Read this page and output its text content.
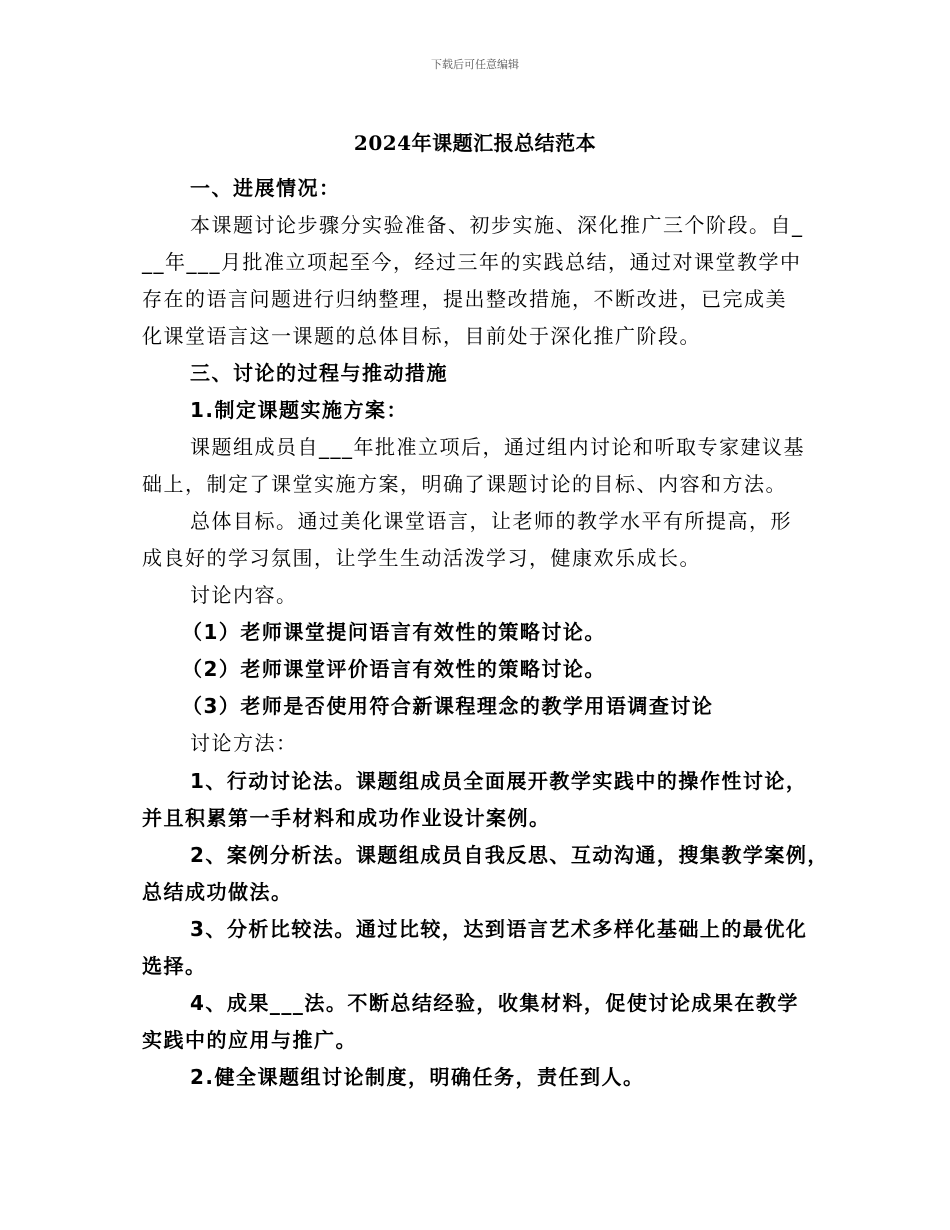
下载后可任意编辑
2024年课题汇报总结范本
一、进展情况：
本课题讨论步骤分实验准备、初步实施、深化推广三个阶段。自_
__年___月批准立项起至今，经过三年的实践总结，通过对课堂教学中
存在的语言问题进行归纳整理，提出整改措施，不断改进，已完成美
化课堂语言这一课题的总体目标，目前处于深化推广阶段。
三、讨论的过程与推动措施
1.制定课题实施方案：
课题组成员自___年批准立项后，通过组内讨论和听取专家建议基
础上，制定了课堂实施方案，明确了课题讨论的目标、内容和方法。
总体目标。通过美化课堂语言，让老师的教学水平有所提高，形
成良好的学习氛围，让学生生动活泼学习，健康欢乐成长。
讨论内容。
（1）老师课堂提问语言有效性的策略讨论。
（2）老师课堂评价语言有效性的策略讨论。
（3）老师是否使用符合新课程理念的教学用语调查讨论
讨论方法：
1、行动讨论法。课题组成员全面展开教学实践中的操作性讨论，
并且积累第一手材料和成功作业设计案例。
2、案例分析法。课题组成员自我反思、互动沟通，搜集教学案例，
总结成功做法。
3、分析比较法。通过比较，达到语言艺术多样化基础上的最优化
选择。
4、成果___法。不断总结经验，收集材料，促使讨论成果在教学
实践中的应用与推广。
2.健全课题组讨论制度，明确任务，责任到人。
